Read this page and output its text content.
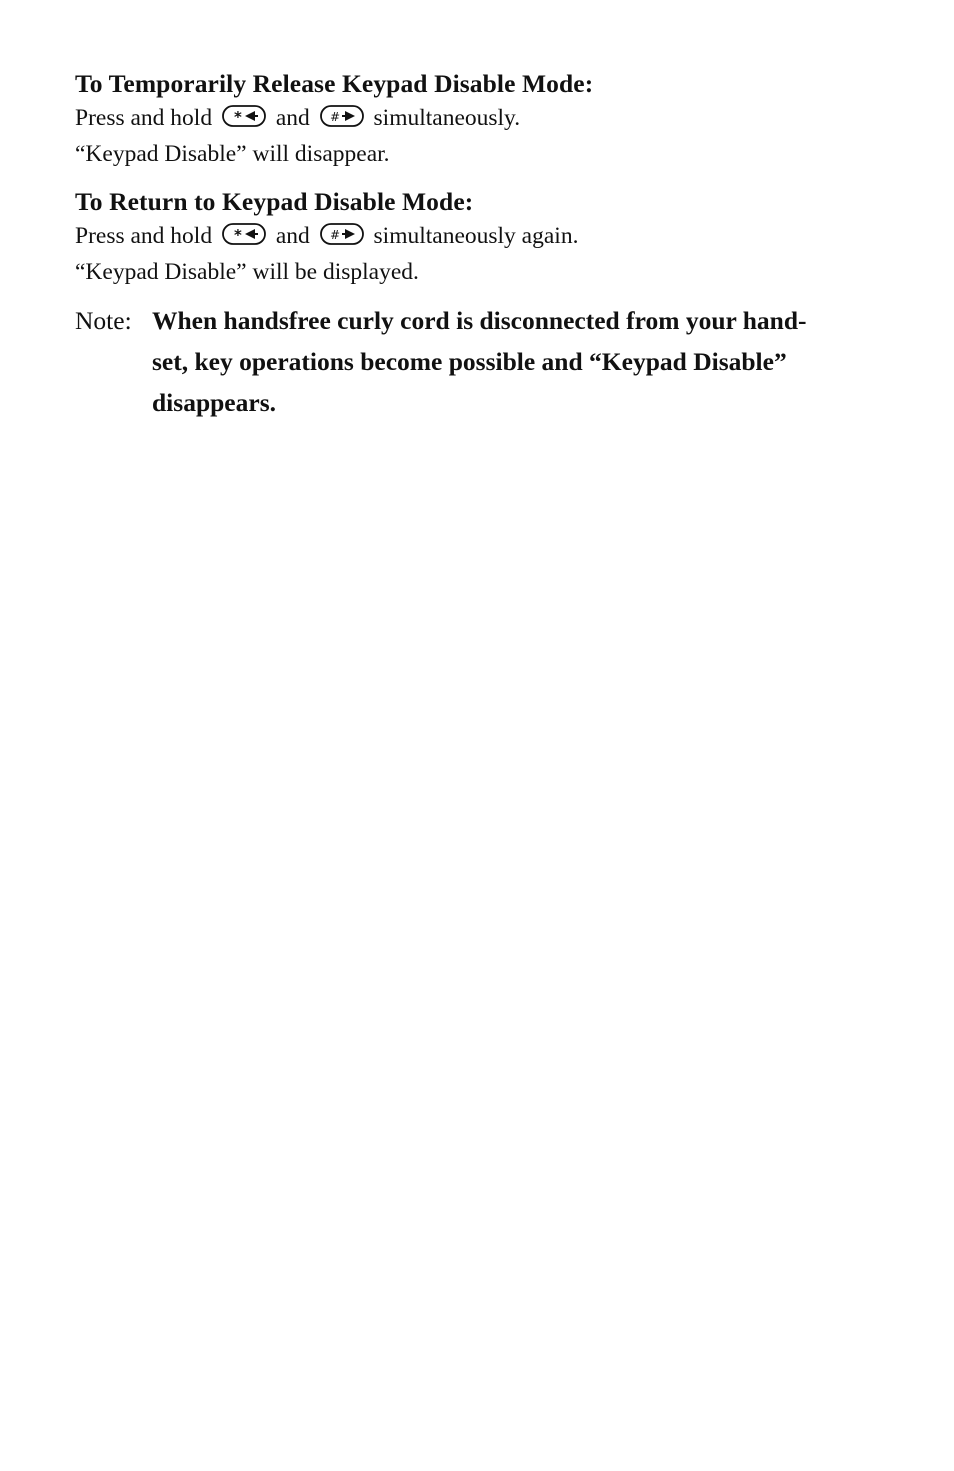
To Temporarily Release Keypad Disable Mode:

Press and hold * and # simultaneously.

“Keypad Disable” will disappear.

To Return to Keypad Disable Mode:

Press and hold * and # simultaneously again.

“Keypad Disable” will be displayed.

Note: When handsfree curly cord is disconnected from your hand-
set, key operations become possible and “Keypad Disable”
disappears.
